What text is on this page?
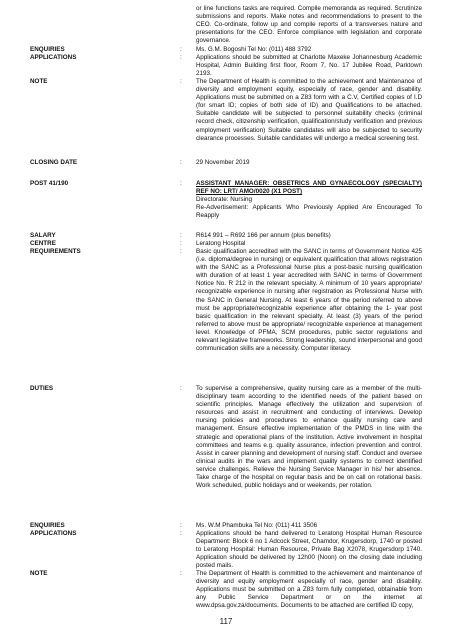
or line functions tasks are required. Compile memoranda as required. Scrutinize submissions and reports. Make notes and recommendations to present to the CEO. Co-ordinate, follow up and compile reports of a transverses nature and presentations for the CEO. Enforce compliance with legislation and corporate governance.
ENQUIRIES	: Ms. G.M. Bogoshi Tel No: (011) 488 3792
APPLICATIONS	: Applications should be submitted at Charlotte Maxeke Johannesburg Academic Hospital, Admin Building first floor, Room 7, No. 17 Jubilee Road, Parktown 2193.
NOTE	: The Department of Health is committed to the achievement and Maintenance of diversity and employment equity, especially of race, gender and disability. Applications must be submitted on a Z83 form with a C.V, Certified copies of I.D (for smart ID; copies of both side of ID) and Qualifications to be attached. Suitable candidate will be subjected to personnel suitability checks (criminal record check, citizenship verification, qualification/study verification and previous employment verification) Suitable candidates will also be subjected to security clearance processes. Suitable candidates will undergo a medical screening test.
CLOSING DATE	: 29 November 2019
POST 41/190	: ASSISTANT MANAGER: OBSETRICS AND GYNAECOLOGY (SPECIALTY) REF NO: LRT/ AMO/0020 (X1 POST)
Directorate: Nursing
Re-Advertisement: Applicants Who Previously Applied Are Encouraged To Reapply
SALARY	: R614 991 – R692 166 per annum (plus benefits)
CENTRE	: Leratong Hospital
REQUIREMENTS	: Basic qualification accredited with the SANC in terms of Government Notice 425 (i.e. diploma/degree in nursing) or equivalent qualification that allows registration with the SANC as a Professional Nurse plus a post-basic nursing qualification with duration of at least 1 year accredited with SANC in terms of Government Notice No. R 212 in the relevant specialty. A minimum of 10 years appropriate/ recognizable experience in nursing after registration as Professional Nurse with the SANC in General Nursing. At least 6 years of the period referred to above must be appropriate/recognizable experience after obtaining the 1- year post basic qualification in the relevant specialty. At least (3) years of the period referred to above must be appropriate/ recognizable experience at management level. Knowledge of PFMA, SCM procedures, public sector regulations and relevant legislative frameworks. Strong leadership, sound interpersonal and good communication skills are a necessity. Computer literacy.
DUTIES	: To supervise a comprehensive, quality nursing care as a member of the multi-disciplinary team according to the identified needs of the patient based on scientific principles. Manage effectively the utilization and supervision of resources and assist in recruitment and conducting of interviews. Develop nursing policies and procedures to enhance quality nursing care and management. Ensure effective implementation of the PMDS in line with the strategic and operational plans of the institution. Active involvement in hospital committees and teams e.g. quality assurance, infection prevention and control. Assist in career planning and development of nursing staff. Conduct and oversee clinical audits in the wars and implement quality systems to correct identified service challenges. Relieve the Nursing Service Manager in his/ her absence. Take charge of the hospital on regular basis and be on call on rotational basis. Work scheduled, public holidays and or weekends, per rotation.
ENQUIRIES	: Ms. W.M Phambuka Tel No: (011) 411 3506
APPLICATIONS	: Applications should be hand delivered to Leratong Hospital Human Resource Department: Block 6 no 1 Adcock Street, Chamdor, Krugersdorp, 1740 or posted to Leratong Hospital: Human Resource, Private Bag X2078, Krugersdorp 1740. Application should be delivered by 12h00 (Noon) on the closing date including posted mails.
NOTE	: The Department of Health is committed to the achievement and maintenance of diversity and equity employment especially of race, gender and disability. Applications must be submitted on a Z83 form fully completed, obtainable from any Public Service Department or on the internet at www.dpsa.gov.za/documents. Documents to be attached are certified ID copy,
117
